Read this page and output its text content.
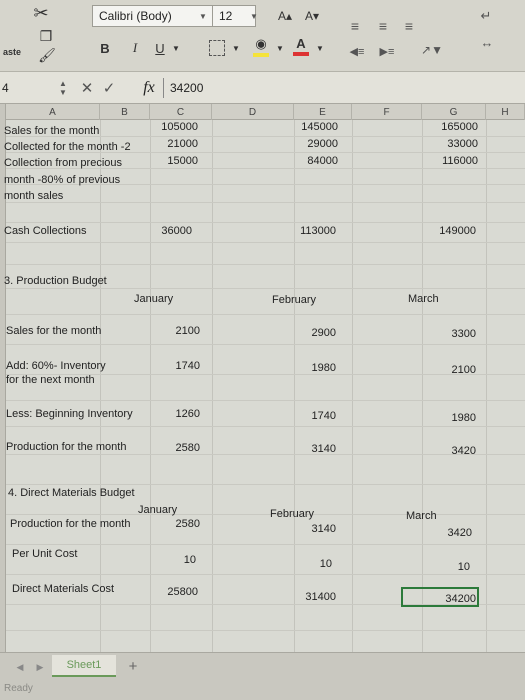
✂
❐
aste 🖌
Calibri (Body)	▼	12	▼	A▴	A▾
B	I	U ▼	▼	◉	▼ A	▼
≡	≡	≡
◀≡	▶≡	↗▼
↵
↔
4	▲
▼ ✕ ✓	fx	34200
A	B	C	D	E	F	G	H
Sales for the month	105000	145000	165000
Collected for the month -2	21000	29000	33000
Collection from precious	15000	84000	116000
month -80% of previous
month sales
Cash Collections	36000	113000	149000
3. Production Budget
January	February	March
Sales for the month	2100	2900	3300
Add: 60%- Inventory
for the next month
1740	1980	2100
Less: Beginning Inventory	1260	1740	1980
Production for the month	2580	3140	3420
4. Direct Materials Budget
January	February	March
Production for the month	2580	3140	3420
Per Unit Cost	10	10	10
Direct Materials Cost	25800	31400	34200
◀	▶	Sheet1	+
Ready
